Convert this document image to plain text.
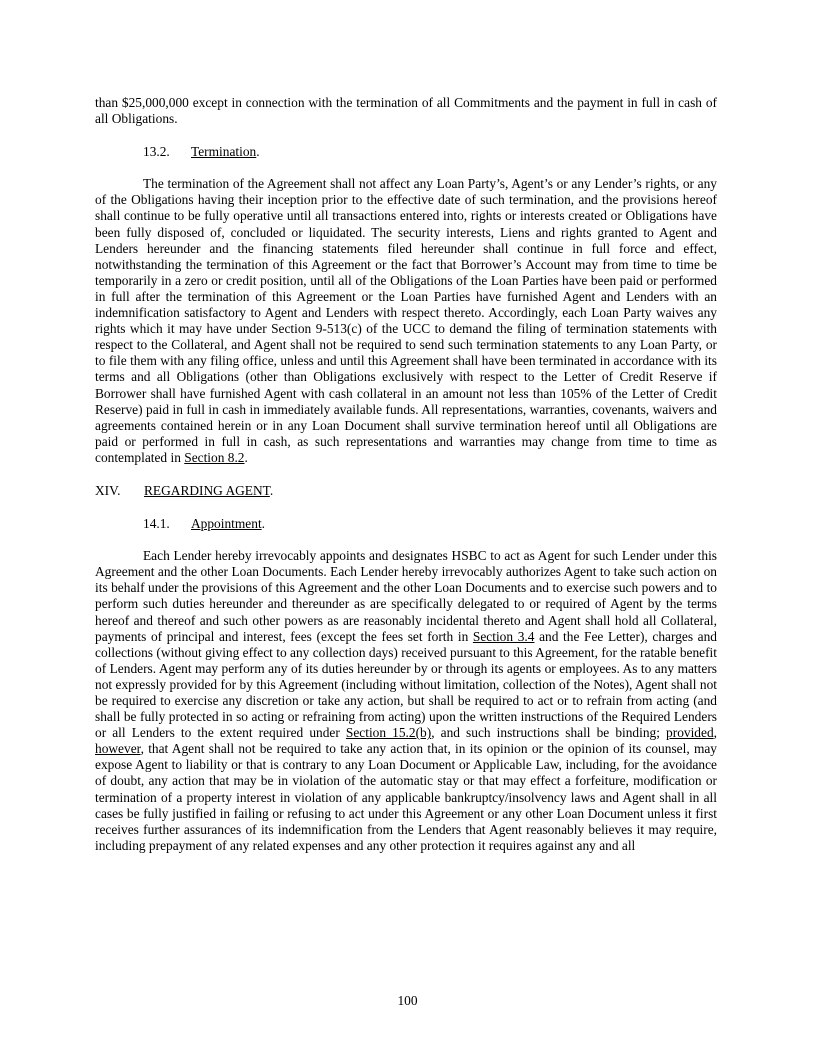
than $25,000,000 except in connection with the termination of all Commitments and the payment in full in cash of all Obligations.

13.2. Termination.

The termination of the Agreement shall not affect any Loan Party’s, Agent’s or any Lender’s rights, or any of the Obligations having their inception prior to the effective date of such termination, and the provisions hereof shall continue to be fully operative until all transactions entered into, rights or interests created or Obligations have been fully disposed of, concluded or liquidated. The security interests, Liens and rights granted to Agent and Lenders hereunder and the financing statements filed hereunder shall continue in full force and effect, notwithstanding the termination of this Agreement or the fact that Borrower’s Account may from time to time be temporarily in a zero or credit position, until all of the Obligations of the Loan Parties have been paid or performed in full after the termination of this Agreement or the Loan Parties have furnished Agent and Lenders with an indemnification satisfactory to Agent and Lenders with respect thereto. Accordingly, each Loan Party waives any rights which it may have under Section 9-513(c) of the UCC to demand the filing of termination statements with respect to the Collateral, and Agent shall not be required to send such termination statements to any Loan Party, or to file them with any filing office, unless and until this Agreement shall have been terminated in accordance with its terms and all Obligations (other than Obligations exclusively with respect to the Letter of Credit Reserve if Borrower shall have furnished Agent with cash collateral in an amount not less than 105% of the Letter of Credit Reserve) paid in full in cash in immediately available funds. All representations, warranties, covenants, waivers and agreements contained herein or in any Loan Document shall survive termination hereof until all Obligations are paid or performed in full in cash, as such representations and warranties may change from time to time as contemplated in Section 8.2.

XIV. REGARDING AGENT.

14.1. Appointment.

Each Lender hereby irrevocably appoints and designates HSBC to act as Agent for such Lender under this Agreement and the other Loan Documents. Each Lender hereby irrevocably authorizes Agent to take such action on its behalf under the provisions of this Agreement and the other Loan Documents and to exercise such powers and to perform such duties hereunder and thereunder as are specifically delegated to or required of Agent by the terms hereof and thereof and such other powers as are reasonably incidental thereto and Agent shall hold all Collateral, payments of principal and interest, fees (except the fees set forth in Section 3.4 and the Fee Letter), charges and collections (without giving effect to any collection days) received pursuant to this Agreement, for the ratable benefit of Lenders. Agent may perform any of its duties hereunder by or through its agents or employees. As to any matters not expressly provided for by this Agreement (including without limitation, collection of the Notes), Agent shall not be required to exercise any discretion or take any action, but shall be required to act or to refrain from acting (and shall be fully protected in so acting or refraining from acting) upon the written instructions of the Required Lenders or all Lenders to the extent required under Section 15.2(b), and such instructions shall be binding; provided, however, that Agent shall not be required to take any action that, in its opinion or the opinion of its counsel, may expose Agent to liability or that is contrary to any Loan Document or Applicable Law, including, for the avoidance of doubt, any action that may be in violation of the automatic stay or that may effect a forfeiture, modification or termination of a property interest in violation of any applicable bankruptcy/insolvency laws and Agent shall in all cases be fully justified in failing or refusing to act under this Agreement or any other Loan Document unless it first receives further assurances of its indemnification from the Lenders that Agent reasonably believes it may require, including prepayment of any related expenses and any other protection it requires against any and all

100
